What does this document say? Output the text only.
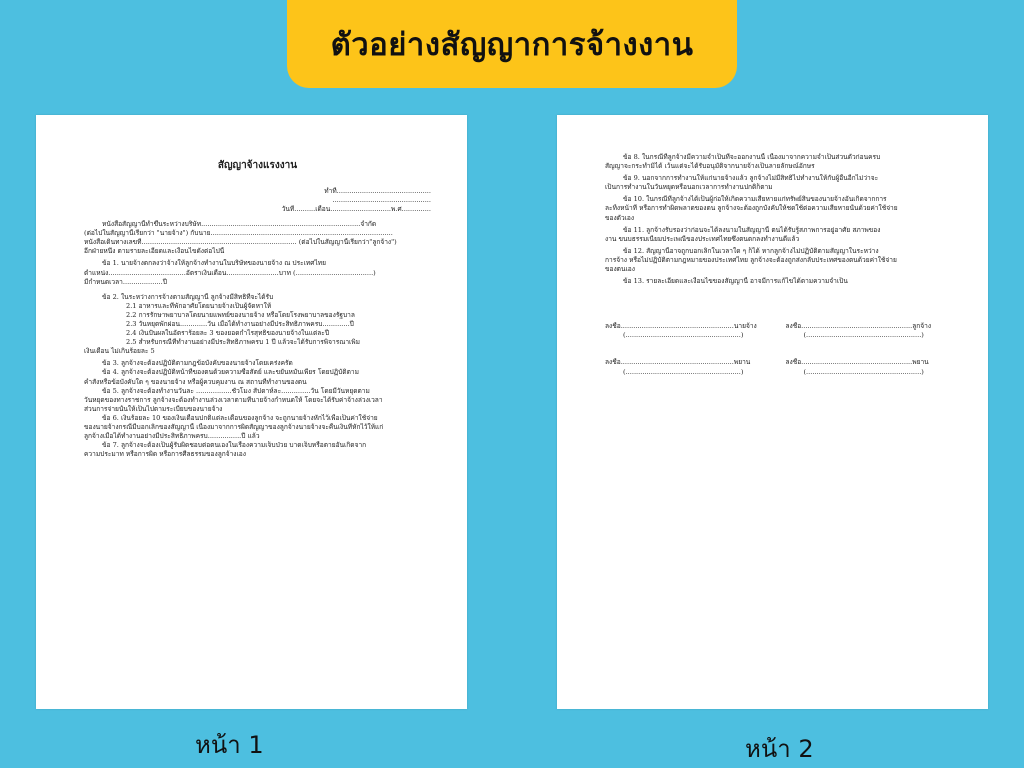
ตัวอย่างสัญญาการจ้างงาน
สัญญาจ้างแรงงาน
ทำที่.............................................
...............................................
วันที่..........เดือน.............................พ.ศ..............
หนังสือสัญญานี้ทำขึ้นระหว่างบริษัท............................................................................จำกัด
(ต่อไปในสัญญานี้เรียกว่า "นายจ้าง") กับนาย.......................................................................................
หนังสือเดินทางเลขที่.......................................................................... (ต่อไปในสัญญานี้เรียกว่า"ลูกจ้าง")
อีกฝ่ายหนึ่ง ตามรายละเอียดและเงื่อนไขดังต่อไปนี้
ข้อ 1. นายจ้างตกลงว่าจ้างให้ลูกจ้างทำงานในบริษัทของนายจ้าง ณ ประเทศไทย
ตำแหน่ง.....................................อัตราเงินเดือน.........................บาท (.....................................)
มีกำหนดเวลา...................ปี
ข้อ 2. ในระหว่างการจ้างตามสัญญานี้ ลูกจ้างมีสิทธิที่จะได้รับ
2.1 อาหารและที่พักอาศัยโดยนายจ้างเป็นผู้จัดหาให้
2.2 การรักษาพยาบาลโดยนายแพทย์ของนายจ้าง หรือโดยโรงพยาบาลของรัฐบาล
2.3 วันหยุดพักผ่อน.............วัน เมื่อได้ทำงานอย่างมีประสิทธิภาพครบ.............ปี
2.4 เงินปันผลในอัตราร้อยละ 3 ของยอดกำไรสุทธิของนายจ้างในแต่ละปี
2.5 สำหรับกรณีที่ทำงานอย่างมีประสิทธิภาพครบ 1 ปี แล้วจะได้รับการพิจารณาเพิ่ม
เงินเดือน ไม่เกินร้อยละ 5
ข้อ 3. ลูกจ้างจะต้องปฏิบัติตามกฎข้อบังคับของนายจ้างโดยเคร่งครัด
ข้อ 4. ลูกจ้างจะต้องปฏิบัติหน้าที่ของตนด้วยความซื่อสัตย์ และขยันหมั่นเพียร โดยปฏิบัติตาม
คำสั่งหรือข้อบังคับใด ๆ ของนายจ้าง หรือผู้ควบคุมงาน ณ สถานที่ทำงานของตน
ข้อ 5. ลูกจ้างจะต้องทำงานวันละ .................ชั่วโมง สัปดาห์ละ..............วัน โดยมีวันหยุดตาม
วันหยุดของทางราชการ ลูกจ้างจะต้องทำงานล่วงเวลาตามที่นายจ้างกำหนดให้ โดยจะได้รับค่าจ้างล่วงเวลา
ส่วนการจ่ายนั้นให้เป็นไปตามระเบียบของนายจ้าง
ข้อ 6. เงินร้อยละ 10 ของเงินเดือนปกติแต่ละเดือนของลูกจ้าง จะถูกนายจ้างหักไว้เพื่อเป็นค่าใช้จ่าย
ของนายจ้างกรณีมีบอกเลิกของสัญญานี้ เนื่องมาจากการผิดสัญญาของลูกจ้างนายจ้างจะคืนเงินที่หักไว้ให้แก่
ลูกจ้างเมื่อได้ทำงานอย่างมีประสิทธิภาพครบ................ปี แล้ว
ข้อ 7. ลูกจ้างจะต้องเป็นผู้รับผิดชอบต่อตนเองในเรื่องความเจ็บป่วย บาดเจ็บหรือตายอันเกิดจาก
ความประมาท หรือการผิด หรือการศีลธรรมของลูกจ้างเอง
ข้อ 8. ในกรณีที่ลูกจ้างมีความจำเป็นที่จะออกงานนี้ เนื่องมาจากความจำเป็นส่วนตัวก่อนครบ
สัญญาจะกระทำมิได้ เว้นแต่จะได้รับอนุมัติจากนายจ้างเป็นลายลักษณ์อักษร
ข้อ 9. นอกจากการทำงานให้แก่นายจ้างแล้ว ลูกจ้างไม่มีสิทธิไปทำงานให้กับผู้อื่นอีกไม่ว่าจะ
เป็นการทำงานในวันหยุดหรือนอกเวลาการทำงานปกติก็ตาม
ข้อ 10. ในกรณีที่ลูกจ้างได้เป็นผู้ก่อให้เกิดความเสียหายแก่ทรัพย์สินของนายจ้างอันเกิดจากการ
ละทิ้งหน้าที่ หรือการทำผิดพลาดของตน ลูกจ้างจะต้องถูกบังคับให้ชดใช้ต่อความเสียหายนั้นด้วยค่าใช้จ่าย
ของตัวเอง
ข้อ 11. ลูกจ้างรับรองว่าก่อนจะได้ลงนามในสัญญานี้ ตนได้รับรู้สภาพการอยู่อาศัย สภาพของ
งาน ขนบธรรมเนียมประเพณีของประเทศไทยซึ่งตนตกลงทำงานดีแล้ว
ข้อ 12. สัญญานี้อาจถูกบอกเลิกในเวลาใด ๆ ก็ได้ หากลูกจ้างไม่ปฏิบัติตามสัญญาในระหว่าง
การจ้าง หรือไม่ปฏิบัติตามกฎหมายของประเทศไทย ลูกจ้างจะต้องถูกส่งกลับประเทศของตนด้วยค่าใช้จ่าย
ของตนเอง
ข้อ 13. รายละเอียดและเงื่อนไขของสัญญานี้ อาจมีการแก้ไขได้ตามความจำเป็น
ลงชื่อ......................................................นายจ้าง	ลงชื่อ.....................................................ลูกจ้าง
(.......................................................)	(.......................................................)
ลงชื่อ......................................................พยาน	ลงชื่อ.....................................................พยาน
(.......................................................)	(.......................................................)
หน้า 1	หน้า 2
